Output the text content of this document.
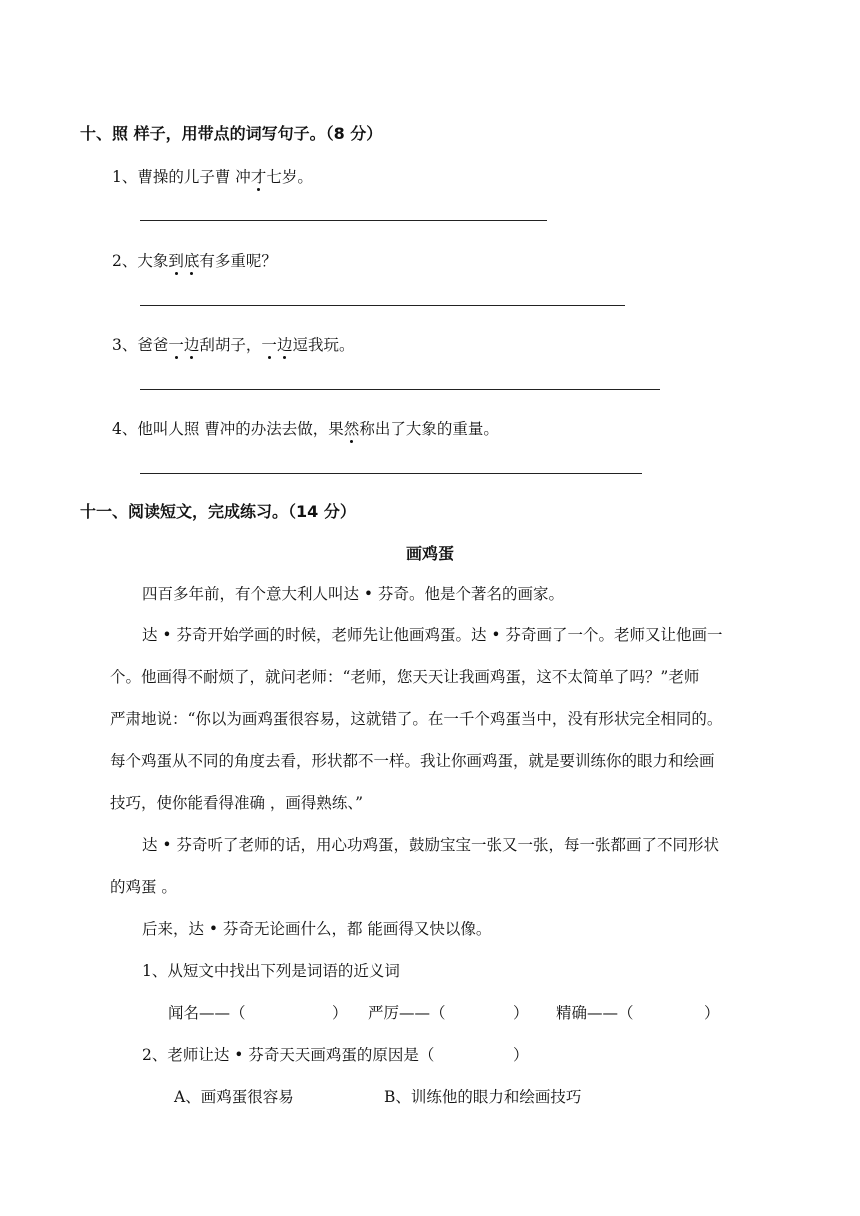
十、照 样子，用带点的词写句子。（8 分）
1、曹操的儿子曹 冲才七岁。
2、大象到底有多重呢？
3、爸爸一边刮胡子，一边逗我玩。
4、他叫人照 曹冲的办法去做，果然称出了大象的重量。
十一、阅读短文，完成练习。（14 分）
画鸡蛋
四百多年前，有个意大利人叫达 • 芬奇。他是个著名的画家。
达 • 芬奇开始学画的时候，老师先让他画鸡蛋。达 • 芬奇画了一个。老师又让他画一
个。他画得不耐烦了，就问老师：“老师，您天天让我画鸡蛋，这不太简单了吗？”老师
严肃地说：“你以为画鸡蛋很容易，这就错了。在一千个鸡蛋当中，没有形状完全相同的。
每个鸡蛋从不同的角度去看，形状都不一样。我让你画鸡蛋，就是要训练你的眼力和绘画
技巧，使你能看得准确 ，画得熟练、”
达 • 芬奇听了老师的话，用心功鸡蛋，鼓励宝宝一张又一张，每一张都画了不同形状
的鸡蛋 。
后来，达 • 芬奇无论画什么，都 能画得又快以像。
1、从短文中找出下列是词语的近义词
闻名——（	） 严厉——（	） 精确——（	）
2、老师让达 • 芬奇天天画鸡蛋的原因是（	）
A、画鸡蛋很容易	B、训练他的眼力和绘画技巧
